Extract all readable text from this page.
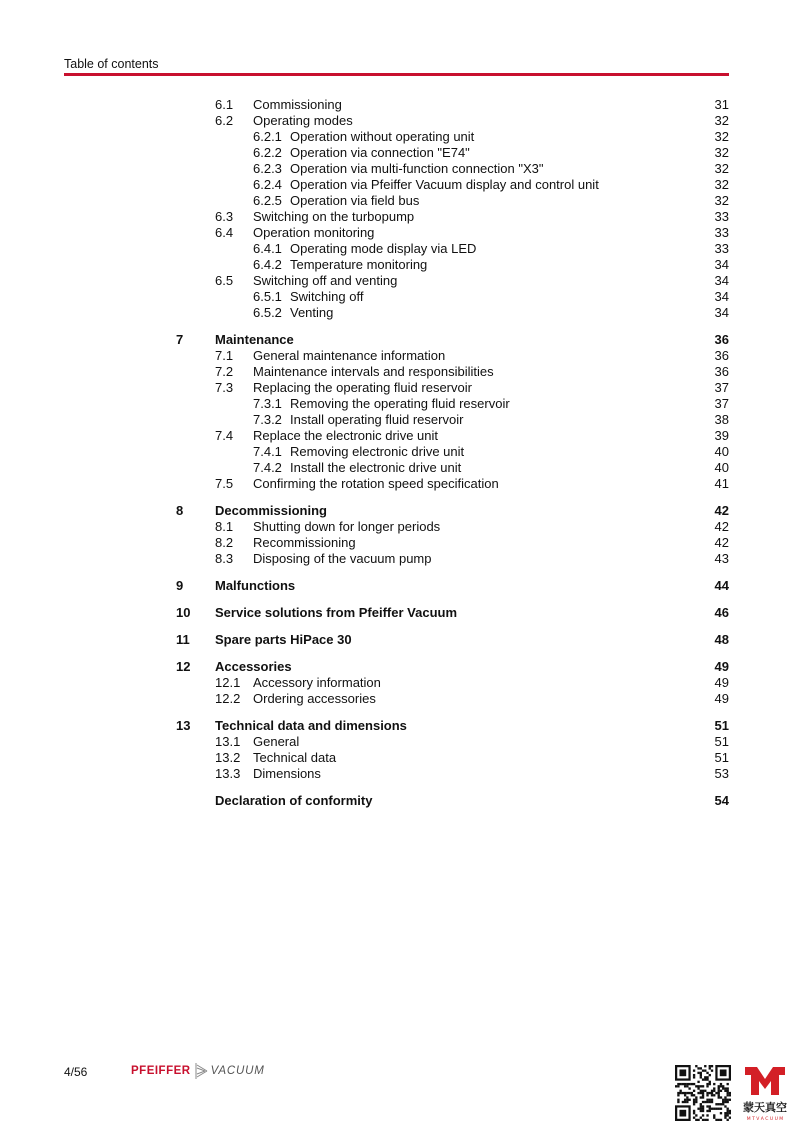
Table of contents
6.1 Commissioning	31
6.2 Operating modes	32
6.2.1 Operation without operating unit	32
6.2.2 Operation via connection "E74"	32
6.2.3 Operation via multi-function connection "X3"	32
6.2.4 Operation via Pfeiffer Vacuum display and control unit	32
6.2.5 Operation via field bus	32
6.3 Switching on the turbopump	33
6.4 Operation monitoring	33
6.4.1 Operating mode display via LED	33
6.4.2 Temperature monitoring	34
6.5 Switching off and venting	34
6.5.1 Switching off	34
6.5.2 Venting	34
7 Maintenance	36
7.1 General maintenance information	36
7.2 Maintenance intervals and responsibilities	36
7.3 Replacing the operating fluid reservoir	37
7.3.1 Removing the operating fluid reservoir	37
7.3.2 Install operating fluid reservoir	38
7.4 Replace the electronic drive unit	39
7.4.1 Removing electronic drive unit	40
7.4.2 Install the electronic drive unit	40
7.5 Confirming the rotation speed specification	41
8 Decommissioning	42
8.1 Shutting down for longer periods	42
8.2 Recommissioning	42
8.3 Disposing of the vacuum pump	43
9 Malfunctions	44
10 Service solutions from Pfeiffer Vacuum	46
11 Spare parts HiPace 30	48
12 Accessories	49
12.1 Accessory information	49
12.2 Ordering accessories	49
13 Technical data and dimensions	51
13.1 General	51
13.2 Technical data	51
13.3 Dimensions	53
Declaration of conformity	54
4/56	PFEIFFER VACUUM
蒙天真空
M T V A C U U M
